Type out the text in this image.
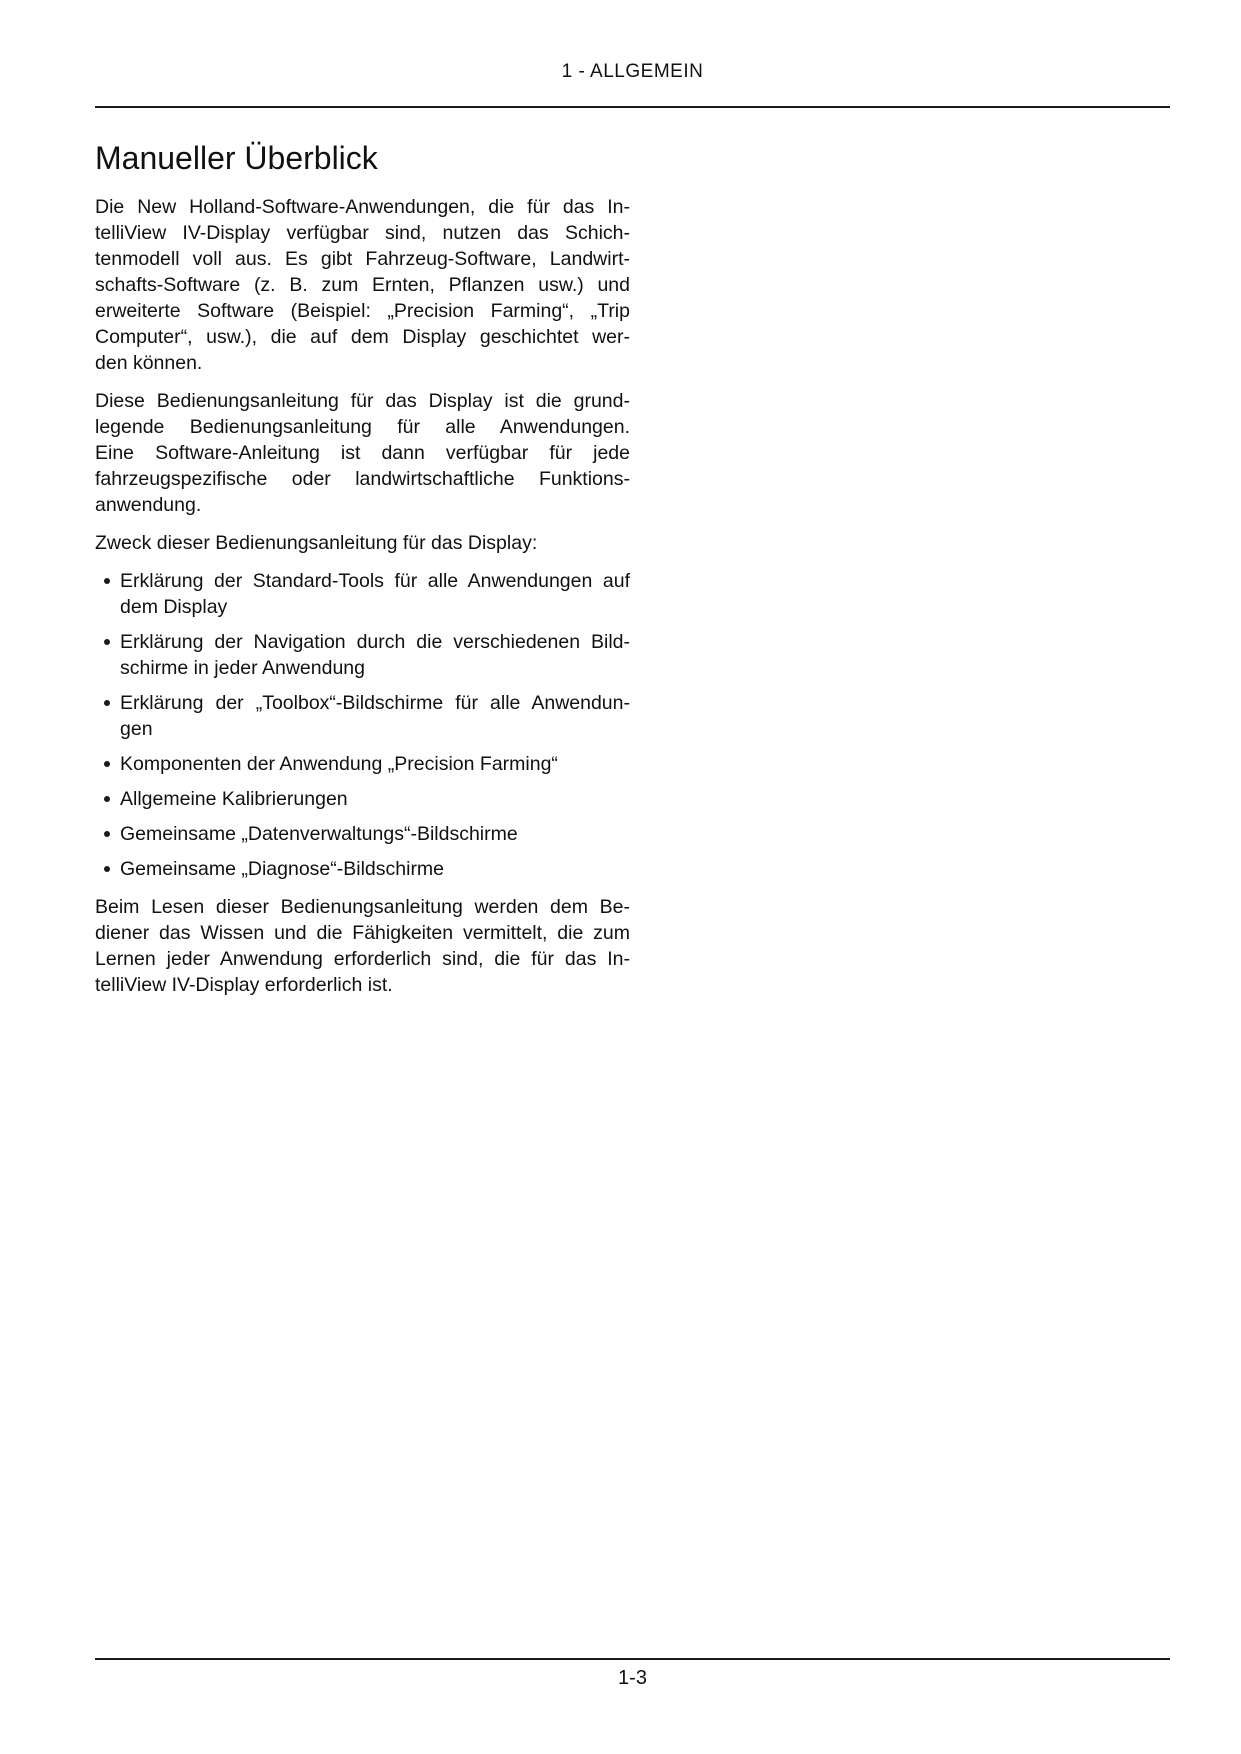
1 - ALLGEMEIN
Manueller Überblick
Die New Holland-Software-Anwendungen, die für das In-
telliView IV-Display verfügbar sind, nutzen das Schich-
tenmodell voll aus. Es gibt Fahrzeug-Software, Landwirt-
schafts-Software (z. B. zum Ernten, Pflanzen usw.) und
erweiterte Software (Beispiel: „Precision Farming“, „Trip
Computer“, usw.), die auf dem Display geschichtet wer-
den können.
Diese Bedienungsanleitung für das Display ist die grund-
legende Bedienungsanleitung für alle Anwendungen.
Eine Software-Anleitung ist dann verfügbar für jede
fahrzeugspezifische oder landwirtschaftliche Funktions-
anwendung.
Zweck dieser Bedienungsanleitung für das Display:
Erklärung der Standard-Tools für alle Anwendungen auf
dem Display
Erklärung der Navigation durch die verschiedenen Bild-
schirme in jeder Anwendung
Erklärung der „Toolbox“-Bildschirme für alle Anwendun-
gen
Komponenten der Anwendung „Precision Farming“
Allgemeine Kalibrierungen
Gemeinsame „Datenverwaltungs“-Bildschirme
Gemeinsame „Diagnose“-Bildschirme
Beim Lesen dieser Bedienungsanleitung werden dem Be-
diener das Wissen und die Fähigkeiten vermittelt, die zum
Lernen jeder Anwendung erforderlich sind, die für das In-
telliView IV-Display erforderlich ist.
1-3
